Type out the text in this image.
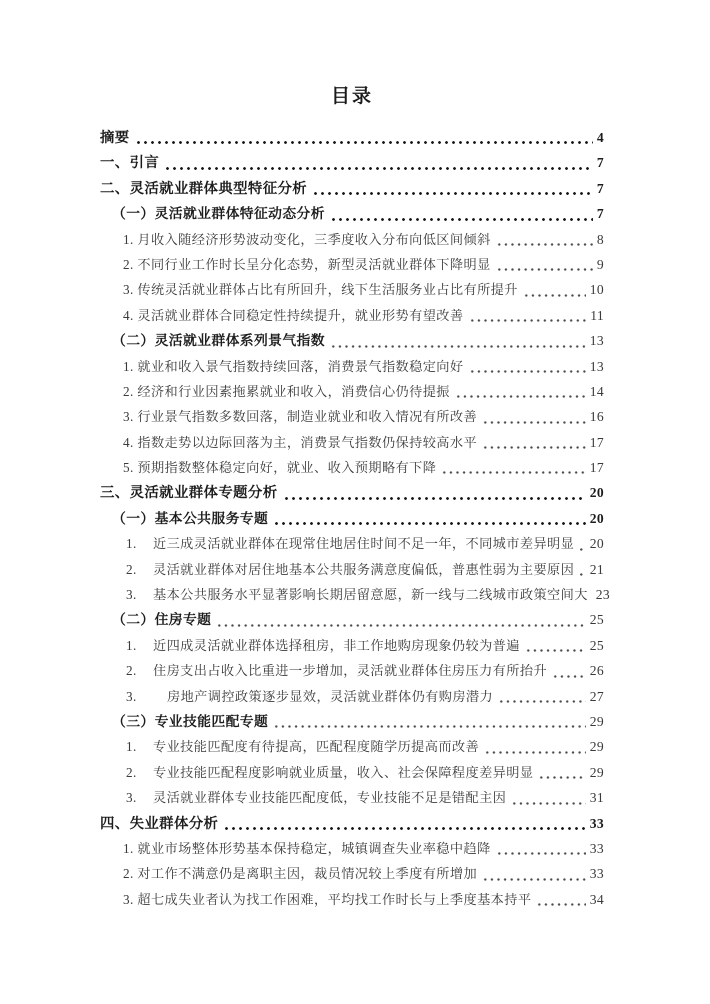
目录
摘要	4
一、引言	7
二、灵活就业群体典型特征分析	7
（一）灵活就业群体特征动态分析	7
1. 月收入随经济形势波动变化，三季度收入分布向低区间倾斜	8
2. 不同行业工作时长呈分化态势，新型灵活就业群体下降明显	9
3. 传统灵活就业群体占比有所回升，线下生活服务业占比有所提升	10
4. 灵活就业群体合同稳定性持续提升，就业形势有望改善	11
（二）灵活就业群体系列景气指数	13
1. 就业和收入景气指数持续回落，消费景气指数稳定向好	13
2. 经济和行业因素拖累就业和收入，消费信心仍待提振	14
3. 行业景气指数多数回落，制造业就业和收入情况有所改善	16
4. 指数走势以边际回落为主，消费景气指数仍保持较高水平	17
5. 预期指数整体稳定向好，就业、收入预期略有下降	17
三、灵活就业群体专题分析	20
（一）基本公共服务专题	20
1.	近三成灵活就业群体在现常住地居住时间不足一年，不同城市差异明显 20
2.	灵活就业群体对居住地基本公共服务满意度偏低，普惠性弱为主要原因 21
3.	基本公共服务水平显著影响长期居留意愿，新一线与二线城市政策空间大 23
（二）住房专题	25
1.	近四成灵活就业群体选择租房，非工作地购房现象仍较为普遍	25
2.	住房支出占收入比重进一步增加，灵活就业群体住房压力有所抬升	26
3.	房地产调控政策逐步显效，灵活就业群体仍有购房潜力	27
（三）专业技能匹配专题	29
1.	专业技能匹配度有待提高，匹配程度随学历提高而改善	29
2.	专业技能匹配程度影响就业质量，收入、社会保障程度差异明显	29
3.	灵活就业群体专业技能匹配度低，专业技能不足是错配主因	31
四、失业群体分析	33
1. 就业市场整体形势基本保持稳定，城镇调查失业率稳中趋降	33
2. 对工作不满意仍是离职主因，裁员情况较上季度有所增加	33
3. 超七成失业者认为找工作困难，平均找工作时长与上季度基本持平	34
